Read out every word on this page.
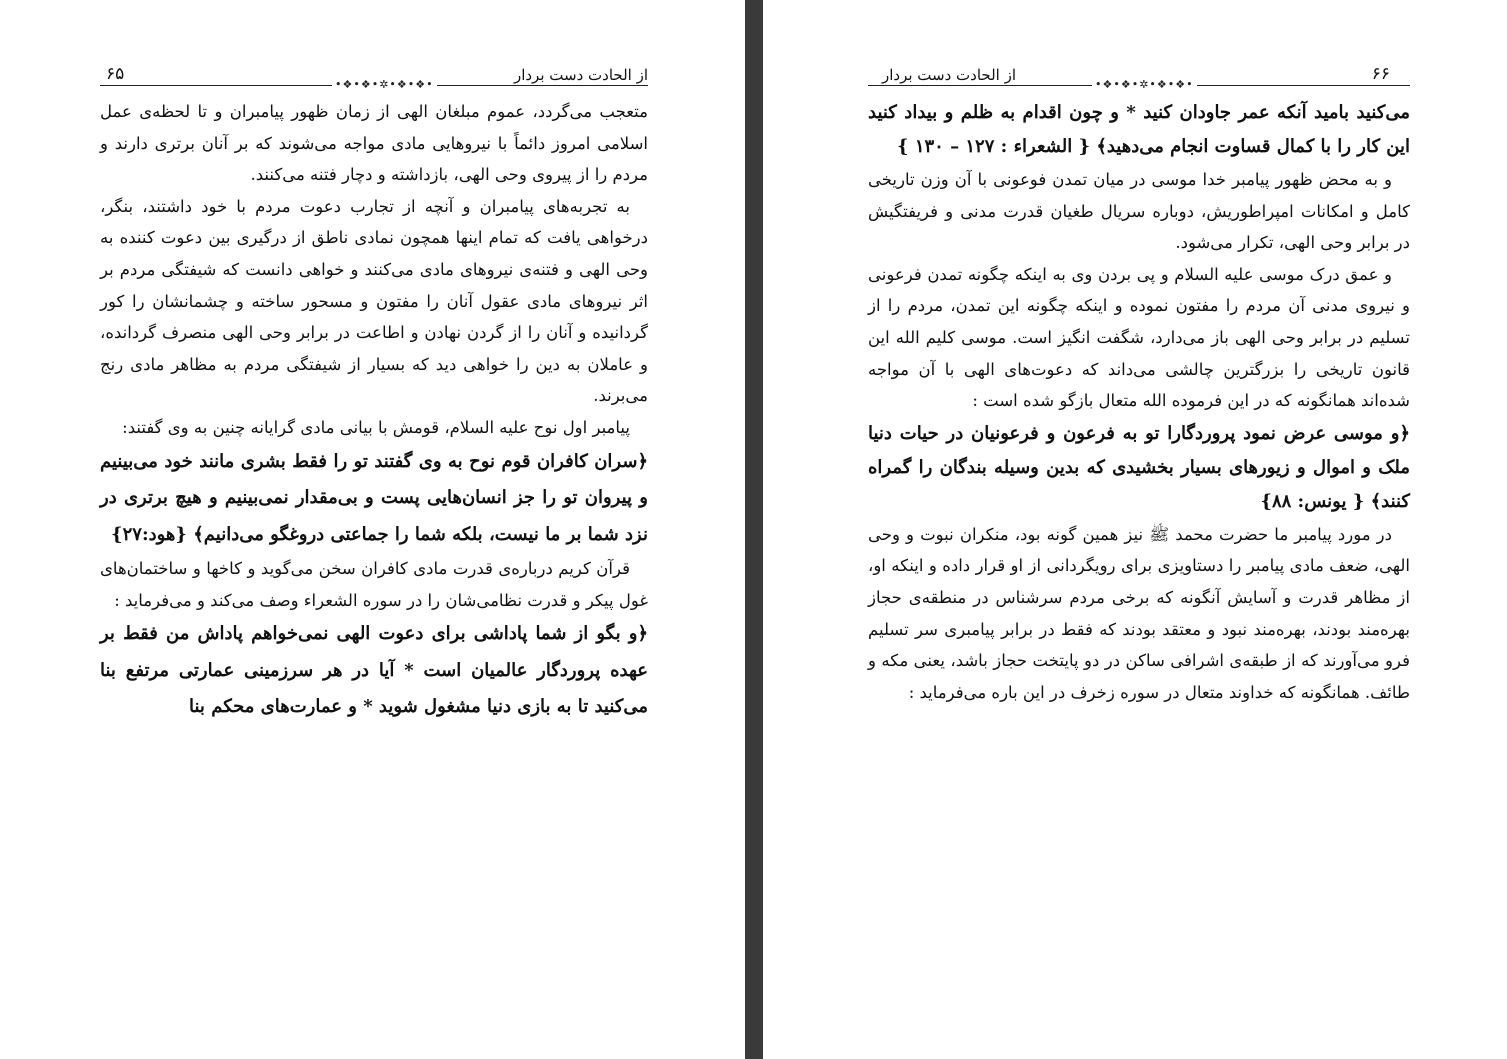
۶۵	از الحادت دست بردار
•❖•❖•✲•❖•❖•

متعجب می‌گردد، عموم مبلغان الهی از زمان ظهور پیامبران و تا لحظه‌ی عمل اسلامی امروز دائماً با نیروهایی مادی مواجه می‌شوند که بر آنان برتری دارند و مردم را از پیروی وحی الهی، بازداشته و دچار فتنه می‌کنند.

به تجربه‌های پیامبران و آنچه از تجارب دعوت مردم با خود داشتند، بنگر، درخواهی یافت که تمام اینها همچون نمادی ناطق از درگیری بین دعوت کننده به وحی الهی و فتنه‌ی نیروهای مادی می‌کنند و خواهی دانست که شیفتگی مردم بر اثر نیروهای مادی عقول آنان را مفتون و مسحور ساخته و چشمانشان را کور گردانیده و آنان را از گردن نهادن و اطاعت در برابر وحی الهی منصرف گردانده، و عاملان به دین را خواهی دید که بسیار از شیفتگی مردم به مظاهر مادی رنج می‌برند.

پیامبر اول نوح علیه السلام، قومش با بیانی مادی گرایانه چنین به وی گفتند:

﴿سران کافران قوم نوح به وی گفتند تو را فقط بشری مانند خود می‌بینیم و پیروان تو را جز انسان‌هایی پست و بی‌مقدار نمی‌بینیم و هیچ برتری در نزد شما بر ما نیست، بلکه شما را جماعتی دروغگو می‌دانیم﴾ {هود:۲۷}

قرآن کریم درباره‌ی قدرت مادی کافران سخن می‌گوید و کاخها و ساختمان‌های غول پیکر و قدرت نظامی‌شان را در سوره الشعراء وصف می‌کند و می‌فرماید :

﴿و بگو از شما پاداشی برای دعوت الهی نمی‌خواهم پاداش من فقط بر عهده پروردگار عالمیان است * آیا در هر سرزمینی عمارتی مرتفع بنا می‌کنید تا به بازی دنیا مشغول شوید * و عمارت‌های محکم بنا

۶۶
از الحادت دست بردار
•❖•❖•✲•❖•❖•

می‌کنید بامید آنکه عمر جاودان کنید * و چون اقدام به ظلم و بیداد کنید این کار را با کمال قساوت انجام می‌دهید﴾ { الشعراء : ۱۲۷ – ۱۳۰ }

و به محض ظهور پیامبر خدا موسی در میان تمدن فوعونی با آن وزن تاریخی کامل و امکانات امپراطوریش، دوباره سریال طغیان قدرت مدنی و فریفتگیش در برابر وحی الهی، تکرار می‌شود.

و عمق درک موسی علیه السلام و پی بردن وی به اینکه چگونه تمدن فرعونی و نیروی مدنی آن مردم را مفتون نموده و اینکه چگونه این تمدن، مردم را از تسلیم در برابر وحی الهی باز می‌دارد، شگفت انگیز است. موسی کلیم الله این قانون تاریخی را بزرگترین چالشی می‌داند که دعوت‌های الهی با آن مواجه شده‌اند همانگونه که در این فرموده الله متعال بازگو شده است :

﴿و موسی عرض نمود پروردگارا تو به فرعون و فرعونیان در حیات دنیا ملک و اموال و زیورهای بسیار بخشیدی که بدین وسیله بندگان را گمراه کنند﴾ { یونس: ۸۸}

در مورد پیامبر ما حضرت محمد ﷺ نیز همین گونه بود، منکران نبوت و وحی الهی، ضعف مادی پیامبر را دستاویزی برای رویگردانی از او قرار داده و اینکه او، از مظاهر قدرت و آسایش آنگونه که برخی مردم سرشناس در منطقه‌ی حجاز بهره‌مند بودند، بهره‌مند نبود و معتقد بودند که فقط در برابر پیامبری سر تسلیم فرو می‌آورند که از طبقه‌ی اشرافی ساکن در دو پایتخت حجاز باشد، یعنی مکه و طائف. همانگونه که خداوند متعال در سوره زخرف در این باره می‌فرماید :
